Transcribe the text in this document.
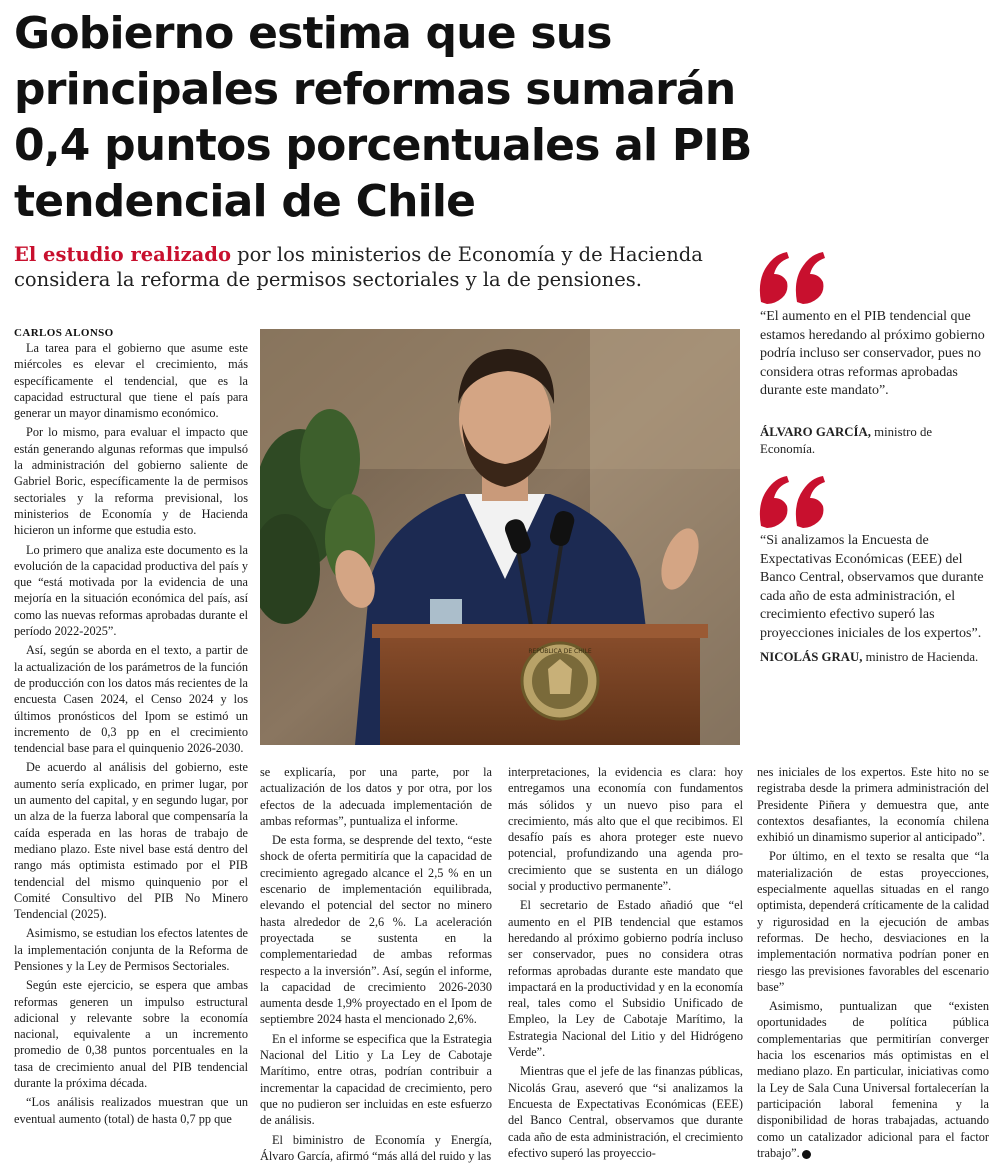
Gobierno estima que sus principales reformas sumarán 0,4 puntos porcentuales al PIB tendencial de Chile
El estudio realizado por los ministerios de Economía y de Hacienda considera la reforma de permisos sectoriales y la de pensiones.
CARLOS ALONSO

La tarea para el gobierno que asume este miércoles es elevar el crecimiento, más específicamente el tendencial, que es la capacidad estructural que tiene el país para generar un mayor dinamismo económico.

Por lo mismo, para evaluar el impacto que están generando algunas reformas que impulsó la administración del gobierno saliente de Gabriel Boric, específicamente la de permisos sectoriales y la reforma previsional, los ministerios de Economía y de Hacienda hicieron un informe que estudia esto.

Lo primero que analiza este documento es la evolución de la capacidad productiva del país y que “está motivada por la evidencia de una mejoría en la situación económica del país, así como las nuevas reformas aprobadas durante el período 2022-2025”.

Así, según se aborda en el texto, a partir de la actualización de los parámetros de la función de producción con los datos más recientes de la encuesta Casen 2024, el Censo 2024 y los últimos pronósticos del Ipom se estimó un incremento de 0,3 pp en el crecimiento tendencial base para el quinquenio 2026-2030.

De acuerdo al análisis del gobierno, este aumento sería explicado, en primer lugar, por un aumento del capital, y en segundo lugar, por un alza de la fuerza laboral que compensaría la caída esperada en las horas de trabajo de mediano plazo. Este nivel base está dentro del rango más optimista estimado por el PIB tendencial del mismo quinquenio por el Comité Consultivo del PIB No Minero Tendencial (2025).

Asimismo, se estudian los efectos latentes de la implementación conjunta de la Reforma de Pensiones y la Ley de Permisos Sectoriales.

Según este ejercicio, se espera que ambas reformas generen un impulso estructural adicional y relevante sobre la economía nacional, equivalente a un incremento promedio de 0,38 puntos porcentuales en la tasa de crecimiento anual del PIB tendencial durante la próxima década.

“Los análisis realizados muestran que un eventual aumento (total) de hasta 0,7 pp que

REPÚBLICA DE CHILE

se explicaría, por una parte, por la actualización de los datos y por otra, por los efectos de la adecuada implementación de ambas reformas”, puntualiza el informe.

De esta forma, se desprende del texto, “este shock de oferta permitiría que la capacidad de crecimiento agregado alcance el 2,5 % en un escenario de implementación equilibrada, elevando el potencial del sector no minero hasta alrededor de 2,6 %. La aceleración proyectada se sustenta en la complementariedad de ambas reformas respecto a la inversión”. Así, según el informe, la capacidad de crecimiento 2026-2030 aumenta desde 1,9% proyectado en el Ipom de septiembre 2024 hasta el mencionado 2,6%.

En el informe se especifica que la Estrategia Nacional del Litio y La Ley de Cabotaje Marítimo, entre otras, podrían contribuir a incrementar la capacidad de crecimiento, pero que no pudieron ser incluidas en este esfuerzo de análisis.

El biministro de Economía y Energía, Álvaro García, afirmó “más allá del ruido y las

interpretaciones, la evidencia es clara: hoy entregamos una economía con fundamentos más sólidos y un nuevo piso para el crecimiento, más alto que el que recibimos. El desafío país es ahora proteger este nuevo potencial, profundizando una agenda pro-crecimiento que se sustenta en un diálogo social y productivo permanente”.

El secretario de Estado añadió que “el aumento en el PIB tendencial que estamos heredando al próximo gobierno podría incluso ser conservador, pues no considera otras reformas aprobadas durante este mandato que impactará en la productividad y en la economía real, tales como el Subsidio Unificado de Empleo, la Ley de Cabotaje Marítimo, la Estrategia Nacional del Litio y del Hidrógeno Verde”.

Mientras que el jefe de las finanzas públicas, Nicolás Grau, aseveró que “si analizamos la Encuesta de Expectativas Económicas (EEE) del Banco Central, observamos que durante cada año de esta administración, el crecimiento efectivo superó las proyeccio-

nes iniciales de los expertos. Este hito no se registraba desde la primera administración del Presidente Piñera y demuestra que, ante contextos desafiantes, la economía chilena exhibió un dinamismo superior al anticipado”.

Por último, en el texto se resalta que “la materialización de estas proyecciones, especialmente aquellas situadas en el rango optimista, dependerá críticamente de la calidad y rigurosidad en la ejecución de ambas reformas. De hecho, desviaciones en la implementación normativa podrían poner en riesgo las previsiones favorables del escenario base”

Asimismo, puntualizan que “existen oportunidades de política pública complementarias que permitirían converger hacia los escenarios más optimistas en el mediano plazo. En particular, iniciativas como la Ley de Sala Cuna Universal fortalecerían la participación laboral femenina y la disponibilidad de horas trabajadas, actuando como un catalizador adicional para el factor trabajo”. P

“El aumento en el PIB tendencial que estamos heredando al próximo gobierno podría incluso ser conservador, pues no considera otras reformas aprobadas durante este mandato”.
ÁLVARO GARCÍA, ministro de Economía.
“Si analizamos la Encuesta de Expectativas Económicas (EEE) del Banco Central, observamos que durante cada año de esta administración, el crecimiento efectivo superó las proyecciones iniciales de los expertos”.
NICOLÁS GRAU, ministro de Hacienda.
